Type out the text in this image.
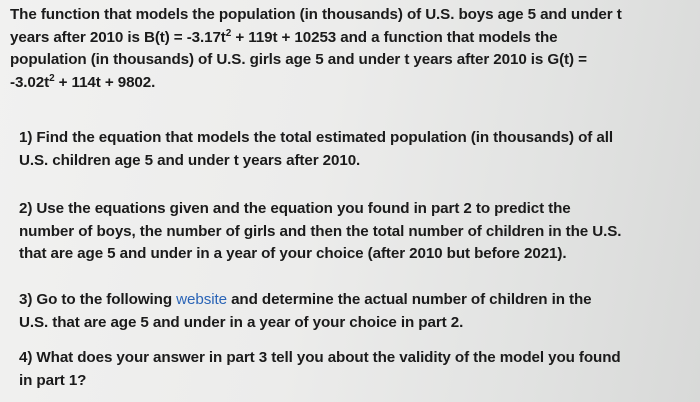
The function that models the population (in thousands) of U.S. boys age 5 and under t
years after 2010 is $B(t) = -3.17t^2 + 119t + 10253$ and a function that models the
population (in thousands) of U.S. girls age 5 and under t years after 2010 is G(t) =
$-3.02t^2 + 114t + 9802$.
1) Find the equation that models the total estimated population (in thousands) of all
U.S. children age 5 and under t years after 2010.
2) Use the equations given and the equation you found in part 2 to predict the
number of boys, the number of girls and then the total number of children in the U.S.
that are age 5 and under in a year of your choice (after 2010 but before 2021).
3) Go to the following website and determine the actual number of children in the
U.S. that are age 5 and under in a year of your choice in part 2.
4) What does your answer in part 3 tell you about the validity of the model you found
in part 1?
